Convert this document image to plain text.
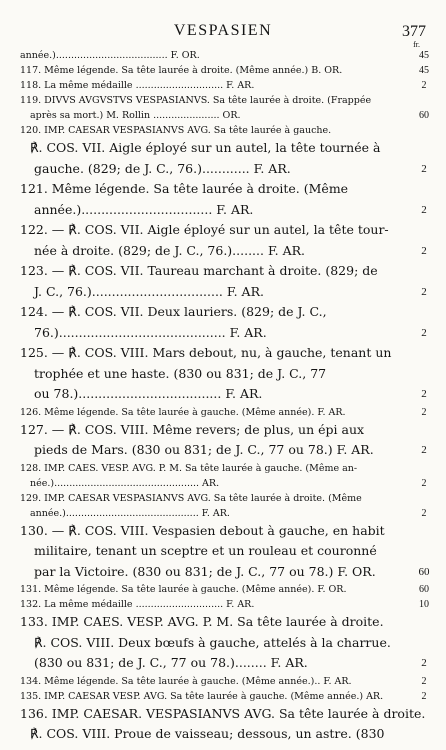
VESPASIEN	377
fr.
année.)..................................... F. OR.	45
117. Même légende. Sa tête laurée à droite. (Même année.) B. OR.	45
118. La même médaille ............................. F. AR.	2
119. DIVVS AVGVSTVS VESPASIANVS. Sa tête laurée à droite. (Frappée
après sa mort.) M. Rollin ...................... OR.	60
120. IMP. CAESAR VESPASIANVS AVG. Sa tête laurée à gauche.
℟. COS. VII. Aigle éployé sur un autel, la tête tournée à
gauche. (829; de J. C., 76.)............ F. AR.	2
121. Même légende. Sa tête laurée à droite. (Même
année.)................................. F. AR.	2
122. — ℟. COS. VII. Aigle éployé sur un autel, la tête tour-
née à droite. (829; de J. C., 76.)........ F. AR.	2
123. — ℟. COS. VII. Taureau marchant à droite. (829; de
J. C., 76.)................................. F. AR.	2
124. — ℟. COS. VII. Deux lauriers. (829; de J. C.,
76.).......................................... F. AR.	2
125. — ℟. COS. VIII. Mars debout, nu, à gauche, tenant un
trophée et une haste. (830 ou 831; de J. C., 77
ou 78.).................................... F. AR.	2
126. Même légende. Sa tête laurée à gauche. (Même année). F. AR.	2
127. — ℟. COS. VIII. Même revers; de plus, un épi aux
pieds de Mars. (830 ou 831; de J. C., 77 ou 78.) F. AR.	2
128. IMP. CAES. VESP. AVG. P. M. Sa tête laurée à gauche. (Même an-
née.)................................................ AR.	2
129. IMP. CAESAR VESPASIANVS AVG. Sa tête laurée à droite. (Même
année.)............................................ F. AR.	2
130. — ℟. COS. VIII. Vespasien debout à gauche, en habit
militaire, tenant un sceptre et un rouleau et couronné
par la Victoire. (830 ou 831; de J. C., 77 ou 78.) F. OR.	60
131. Même légende. Sa tête laurée à gauche. (Même année). F. OR.	60
132. La même médaille ............................. F. AR.	10
133. IMP. CAES. VESP. AVG. P. M. Sa tête laurée à droite.
℟. COS. VIII. Deux bœufs à gauche, attelés à la charrue.
(830 ou 831; de J. C., 77 ou 78.)........ F. AR.	2
134. Même légende. Sa tête laurée à gauche. (Même année.).. F. AR.	2
135. IMP. CAESAR VESP. AVG. Sa tête laurée à gauche. (Même année.) AR.	2
136. IMP. CAESAR. VESPASIANVS AVG. Sa tête laurée à droite.
℟. COS. VIII. Proue de vaisseau; dessous, un astre. (830
